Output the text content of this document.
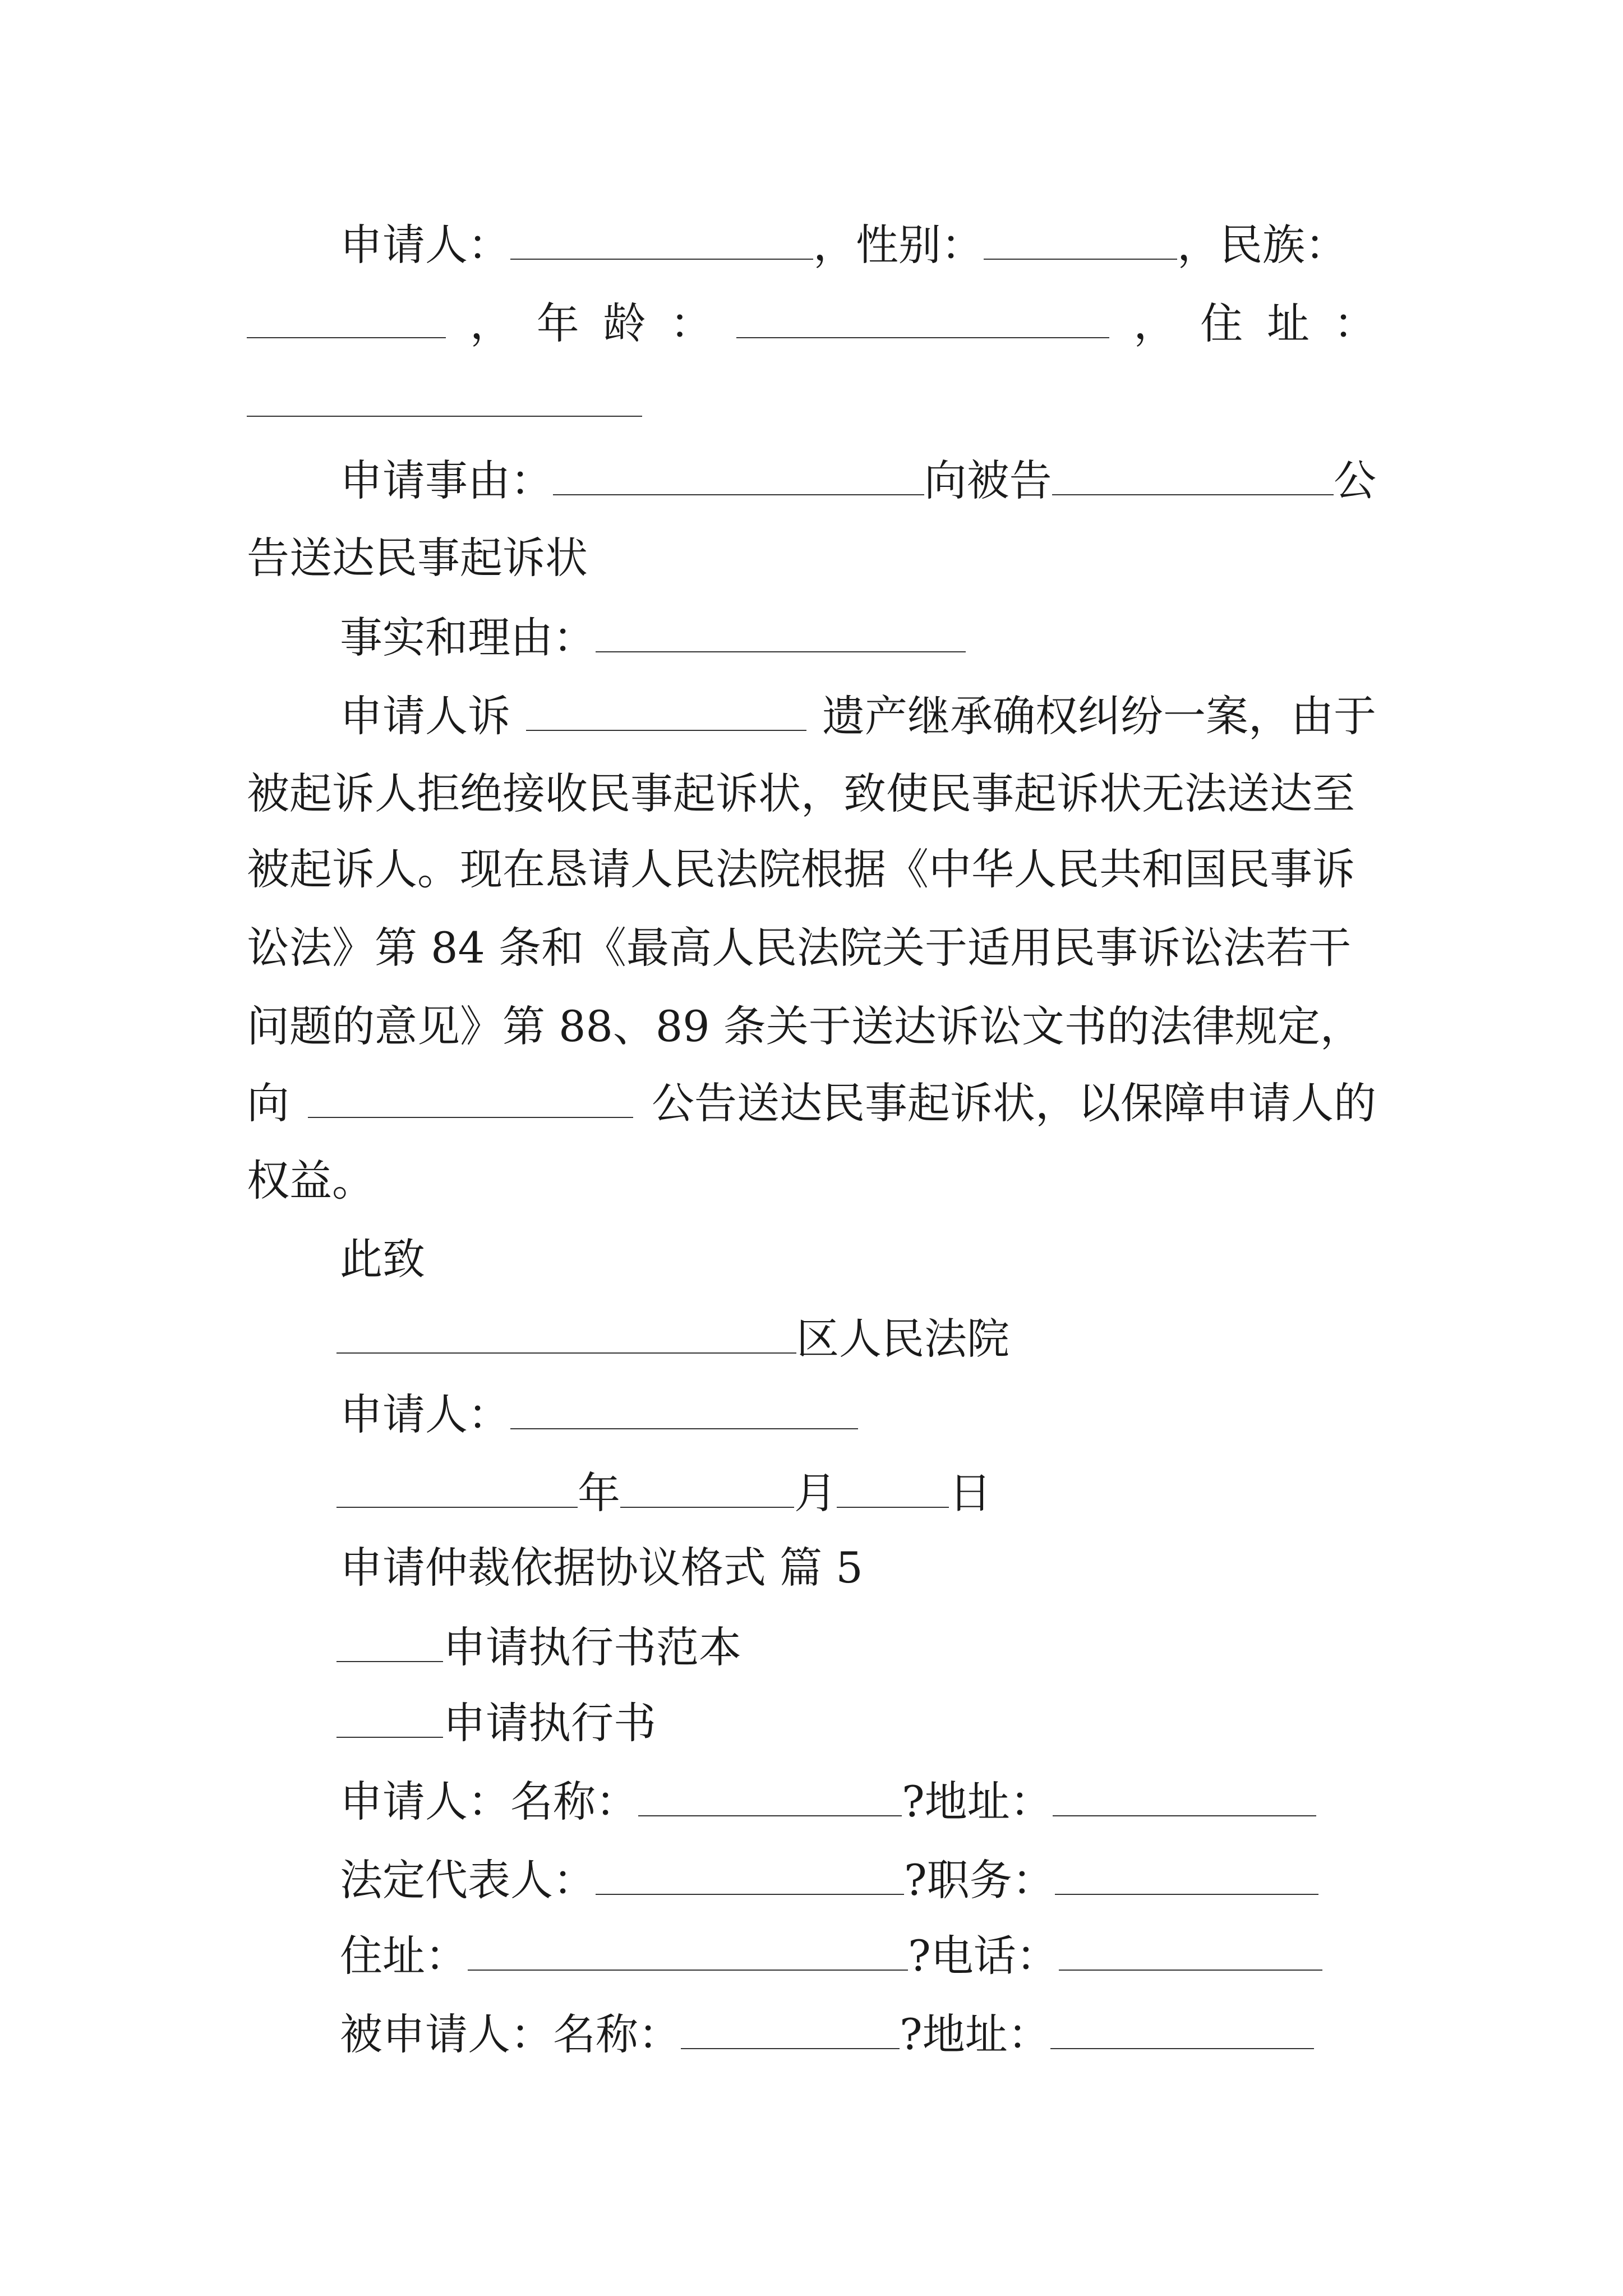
申请人：	，性别：	，民族：
， 年 龄 ：	， 住 址 ：
申请事由：	向被告	公
告送达民事起诉状
事实和理由：
申请人诉	遗产继承确权纠纷一案，由于
被起诉人拒绝接收民事起诉状，致使民事起诉状无法送达至
被起诉人。现在恳请人民法院根据《中华人民共和国民事诉
讼法》第 84 条和《最高人民法院关于适用民事诉讼法若干
问题的意见》第 88、89 条关于送达诉讼文书的法律规定，
向	公告送达民事起诉状，以保障申请人的
权益。
此致
区人民法院
申请人：
年	月	日
申请仲裁依据协议格式 篇 5
申请执行书范本
申请执行书
申请人：名称：	?地址：
法定代表人：	?职务：
住址：	?电话：
被申请人：名称：	?地址：
